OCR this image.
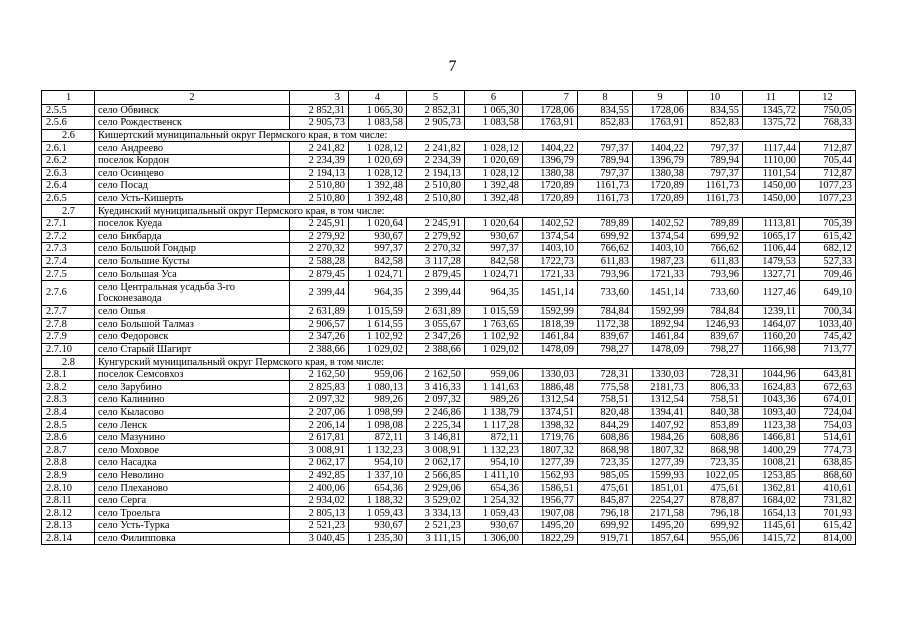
7
1	2	3	4	5	6	7	8	9	10	11	12
2.5.5	село Обвинск	2 852,31	1 065,30	2 852,31	1 065,30	1728,06	834,55	1728,06	834,55	1345,72	750,05
2.5.6	село Рождественск	2 905,73	1 083,58	2 905,73	1 083,58	1763,91	852,83	1763,91	852,83	1375,72	768,33
2.6	Кишертский муниципальный округ Пермского края, в том числе:										
2.6.1	село Андреево	2 241,82	1 028,12	2 241,82	1 028,12	1404,22	797,37	1404,22	797,37	1117,44	712,87
2.6.2	поселок Кордон	2 234,39	1 020,69	2 234,39	1 020,69	1396,79	789,94	1396,79	789,94	1110,00	705,44
2.6.3	село Осинцево	2 194,13	1 028,12	2 194,13	1 028,12	1380,38	797,37	1380,38	797,37	1101,54	712,87
2.6.4	село Посад	2 510,80	1 392,48	2 510,80	1 392,48	1720,89	1161,73	1720,89	1161,73	1450,00	1077,23
2.6.5	село Усть-Кишерть	2 510,80	1 392,48	2 510,80	1 392,48	1720,89	1161,73	1720,89	1161,73	1450,00	1077,23
2.7	Куединский муниципальный округ Пермского края, в том числе:										
2.7.1	поселок Куеда	2 245,91	1 020,64	2 245,91	1 020,64	1402,52	789,89	1402,52	789,89	1113,81	705,39
2.7.2	село Бикбарда	2 279,92	930,67	2 279,92	930,67	1374,54	699,92	1374,54	699,92	1065,17	615,42
2.7.3	село Большой Гондыр	2 270,32	997,37	2 270,32	997,37	1403,10	766,62	1403,10	766,62	1106,44	682,12
2.7.4	село Большие Кусты	2 588,28	842,58	3 117,28	842,58	1722,73	611,83	1987,23	611,83	1479,53	527,33
2.7.5	село Большая Уса	2 879,45	1 024,71	2 879,45	1 024,71	1721,33	793,96	1721,33	793,96	1327,71	709,46
2.7.6	село Центральная усадьба 3-го Госконезавода	2 399,44	964,35	2 399,44	964,35	1451,14	733,60	1451,14	733,60	1127,46	649,10
2.7.7	село Ошья	2 631,89	1 015,59	2 631,89	1 015,59	1592,99	784,84	1592,99	784,84	1239,11	700,34
2.7.8	село Большой Талмаз	2 906,57	1 614,55	3 055,67	1 763,65	1818,39	1172,38	1892,94	1246,93	1464,07	1033,40
2.7.9	село Федоровск	2 347,26	1 102,92	2 347,26	1 102,92	1461,84	839,67	1461,84	839,67	1160,20	745,42
2.7.10	село Старый Шагирт	2 388,66	1 029,02	2 388,66	1 029,02	1478,09	798,27	1478,09	798,27	1166,98	713,77
2.8	Кунгурский муниципальный округ Пермского края, в том числе:										
2.8.1	поселок Семсовхоз	2 162,50	959,06	2 162,50	959,06	1330,03	728,31	1330,03	728,31	1044,96	643,81
2.8.2	село Зарубино	2 825,83	1 080,13	3 416,33	1 141,63	1886,48	775,58	2181,73	806,33	1624,83	672,63
2.8.3	село Калинино	2 097,32	989,26	2 097,32	989,26	1312,54	758,51	1312,54	758,51	1043,36	674,01
2.8.4	село Кыласово	2 207,06	1 098,99	2 246,86	1 138,79	1374,51	820,48	1394,41	840,38	1093,40	724,04
2.8.5	село Ленск	2 206,14	1 098,08	2 225,34	1 117,28	1398,32	844,29	1407,92	853,89	1123,38	754,03
2.8.6	село Мазунино	2 617,81	872,11	3 146,81	872,11	1719,76	608,86	1984,26	608,86	1466,81	514,61
2.8.7	село Моховое	3 008,91	1 132,23	3 008,91	1 132,23	1807,32	868,98	1807,32	868,98	1400,29	774,73
2.8.8	село Насадка	2 062,17	954,10	2 062,17	954,10	1277,39	723,35	1277,39	723,35	1008,21	638,85
2.8.9	село Неволино	2 492,85	1 337,10	2 566,85	1 411,10	1562,93	985,05	1599,93	1022,05	1253,85	868,60
2.8.10	село Плеханово	2 400,06	654,36	2 929,06	654,36	1586,51	475,61	1851,01	475,61	1362,81	410,61
2.8.11	село Серга	2 934,02	1 188,32	3 529,02	1 254,32	1956,77	845,87	2254,27	878,87	1684,02	731,82
2.8.12	село Троельга	2 805,13	1 059,43	3 334,13	1 059,43	1907,08	796,18	2171,58	796,18	1654,13	701,93
2.8.13	село Усть-Турка	2 521,23	930,67	2 521,23	930,67	1495,20	699,92	1495,20	699,92	1145,61	615,42
2.8.14	село Филипповка	3 040,45	1 235,30	3 111,15	1 306,00	1822,29	919,71	1857,64	955,06	1415,72	814,00
